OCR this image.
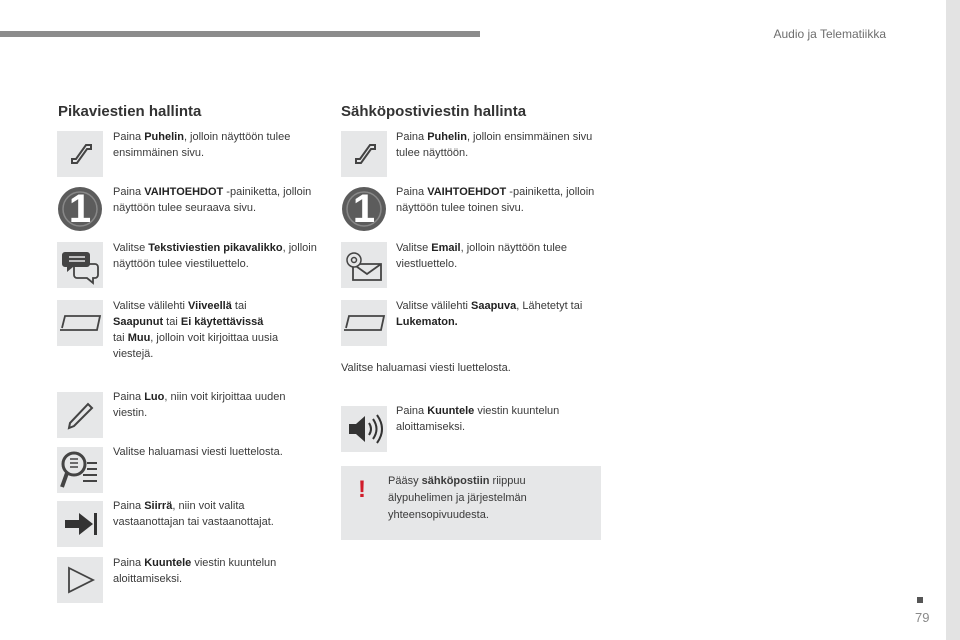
Audio ja Telematiikka
Pikaviestien hallinta
Paina Puhelin, jolloin näyttöön tulee ensimmäinen sivu.
1	Paina VAIHTOEHDOT -painiketta, jolloin näyttöön tulee seuraava sivu.
Valitse Tekstiviestien pikavalikko, jolloin näyttöön tulee viestiluettelo.
Valitse välilehti Viiveellä tai
Saapunut tai Ei käytettävissä
tai Muu, jolloin voit kirjoittaa uusia viestejä.
Paina Luo, niin voit kirjoittaa uuden viestin.
Valitse haluamasi viesti luettelosta.
Paina Siirrä, niin voit valita vastaanottajan tai vastaanottajat.
Paina Kuuntele viestin kuuntelun aloittamiseksi.
Sähköpostiviestin hallinta
Paina Puhelin, jolloin ensimmäinen sivu tulee näyttöön.
1	Paina VAIHTOEHDOT -painiketta, jolloin näyttöön tulee toinen sivu.
Valitse Email, jolloin näyttöön tulee viestluettelo.
Valitse välilehti Saapuva, Lähetetyt tai Lukematon.
Valitse haluamasi viesti luettelosta.
Paina Kuuntele viestin kuuntelun aloittamiseksi.
! Pääsy sähköpostiin riippuu älypuhelimen ja järjestelmän yhteensopivuudesta.
79
